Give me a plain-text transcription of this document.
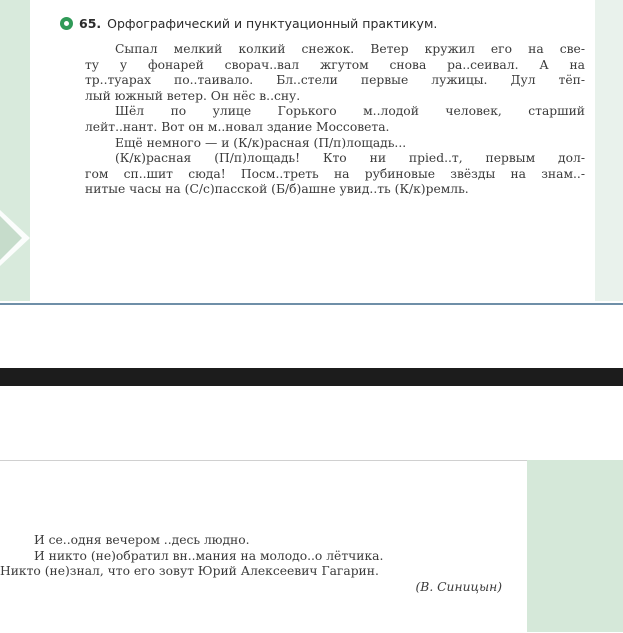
65. Орфографический и пунктуационный практикум.
Сыпал мелкий колкий снежок. Ветер кружил его на све-
ту у фонарей сворач..вал жгутом снова ра..сеивал. А на
тр..туарах по..таивало. Бл..стели первые лужицы. Дул тёп-
лый южный ветер. Он нёс в..сну.
Шёл по улице Горького м..лодой человек, старший
лейт..нант. Вот он м..новал здание Моссовета.
Ещё немного — и (К/к)расная (П/п)лощадь...
(К/к)расная (П/п)лощадь! Кто ни прied..т, первым дол-
гом сп..шит сюда! Посм..треть на рубиновые звёзды на знам..-
нитые часы на (С/с)пасской (Б/б)ашне увид..ть (К/к)ремль.
И се..одня вечером ..десь людно.
И никто (не)обратил вн..мания на молодо..о лётчика.
Никто (не)знал, что его зовут Юрий Алексеевич Гагарин.
(В. Синицын)
